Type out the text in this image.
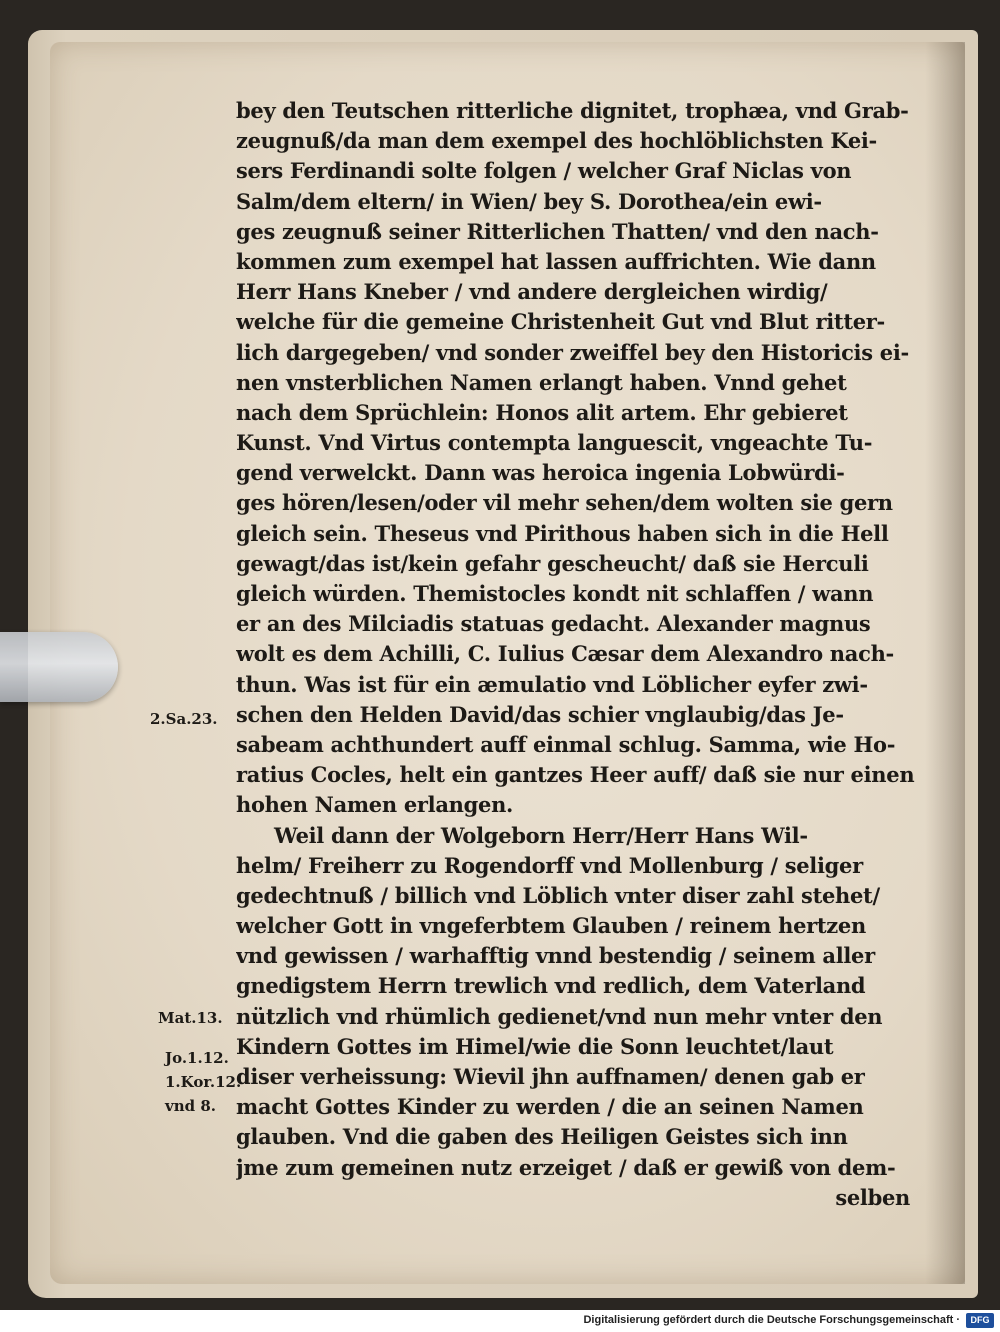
bey den Teutschen ritterliche dignitet, trophæa, vnd Grab-
zeugnuß/da man dem exempel des hochlöblichsten Kei-
sers Ferdinandi solte folgen / welcher Graf Niclas von
Salm/dem eltern/ in Wien/ bey S. Dorothea/ein ewi-
ges zeugnuß seiner Ritterlichen Thatten/ vnd den nach-
kommen zum exempel hat lassen auffrichten. Wie dann
Herr Hans Kneber / vnd andere dergleichen wirdig/
welche für die gemeine Christenheit Gut vnd Blut ritter-
lich dargegeben/ vnd sonder zweiffel bey den Historicis ei-
nen vnsterblichen Namen erlangt haben. Vnnd gehet
nach dem Sprüchlein: Honos alit artem. Ehr gebieret
Kunst. Vnd Virtus contempta languescit, vngeachte Tu-
gend verwelckt. Dann was heroica ingenia Lobwürdi-
ges hören/lesen/oder vil mehr sehen/dem wolten sie gern
gleich sein. Theseus vnd Pirithous haben sich in die Hell
gewagt/das ist/kein gefahr gescheucht/ daß sie Herculi
gleich würden. Themistocles kondt nit schlaffen / wann
er an des Milciadis statuas gedacht. Alexander magnus
wolt es dem Achilli, C. Iulius Cæsar dem Alexandro nach-
thun. Was ist für ein æmulatio vnd Löblicher eyfer zwi-
schen den Helden David/das schier vnglaubig/das Je-
sabeam achthundert auff einmal schlug. Samma, wie Ho-
ratius Cocles, helt ein gantzes Heer auff/ daß sie nur einen
hohen Namen erlangen.
Weil dann der Wolgeborn Herr/Herr Hans Wil-
helm/ Freiherr zu Rogendorff vnd Mollenburg / seliger
gedechtnuß / billich vnd Löblich vnter diser zahl stehet/
welcher Gott in vngeferbtem Glauben / reinem hertzen
vnd gewissen / warhafftig vnnd bestendig / seinem aller
gnedigstem Herrn trewlich vnd redlich, dem Vaterland
nützlich vnd rhümlich gedienet/vnd nun mehr vnter den
Kindern Gottes im Himel/wie die Sonn leuchtet/laut
diser verheissung: Wievil jhn auffnamen/ denen gab er
macht Gottes Kinder zu werden / die an seinen Namen
glauben. Vnd die gaben des Heiligen Geistes sich inn
jme zum gemeinen nutz erzeiget / daß er gewiß von dem-
selben
2.Sa.23.
Mat.13.
Jo.1.12.
1.Kor.12.
vnd 8.
Digitalisierung gefördert durch die Deutsche Forschungsgemeinschaft ·	DFG
